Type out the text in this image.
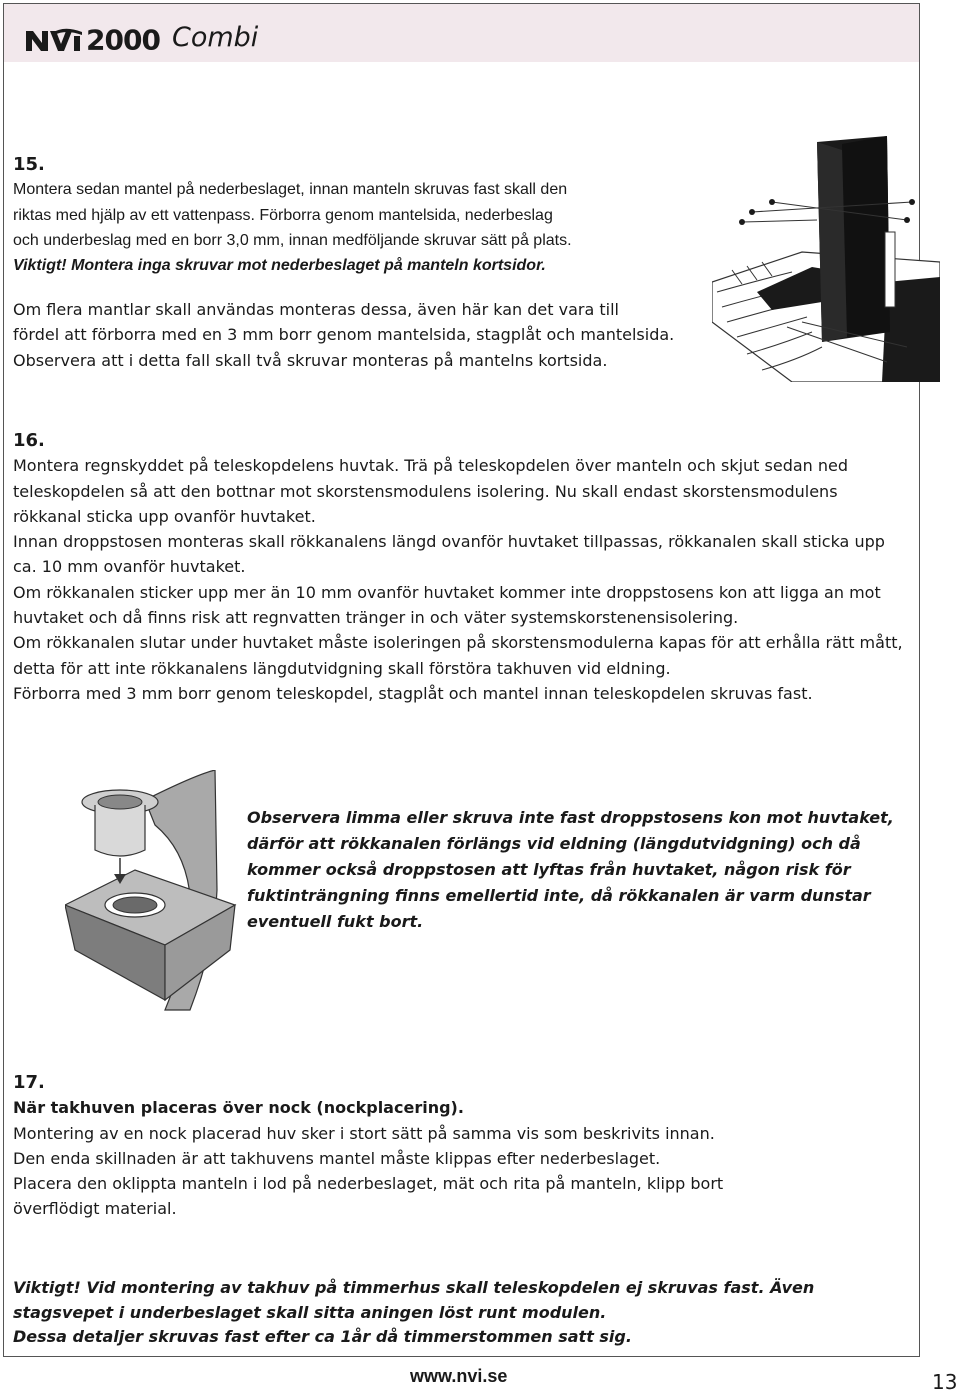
2000 Combi

15.

Montera sedan mantel på nederbeslaget, innan manteln skruvas fast skall den

riktas med hjälp av ett vattenpass. Förborra genom mantelsida, nederbeslag

och underbeslag med en borr 3,0 mm, innan medföljande skruvar sätt på plats.

Viktigt! Montera inga skruvar mot nederbeslaget på manteln kortsidor.

Om flera mantlar skall användas monteras dessa, även här kan det vara till

fördel att förborra med en 3 mm borr genom mantelsida, stagplåt och mantelsida.

Observera att i detta fall skall två skruvar monteras på mantelns kortsida.

16.

Montera regnskyddet på teleskopdelens huvtak. Trä på teleskopdelen över manteln och skjut sedan ned teleskopdelen så att den bottnar mot skorstensmodulens isolering. Nu skall endast skorstensmodulens rökkanal sticka upp ovanför huvtaket.

Innan droppstosen monteras skall rökkanalens längd ovanför huvtaket tillpassas, rökkanalen skall sticka upp ca. 10 mm ovanför huvtaket.

Om rökkanalen sticker upp mer än 10 mm ovanför huvtaket kommer inte droppstosens kon att ligga an mot huvtaket och då finns risk att regnvatten tränger in och väter systemskorstenensisolering.

Om rökkanalen slutar under huvtaket måste isoleringen på skorstensmodulerna kapas för att erhålla rätt mått, detta för att inte rökkanalens längdutvidgning skall förstöra takhuven vid eldning.

Förborra med 3 mm borr genom teleskopdel, stagplåt och mantel innan teleskopdelen skruvas fast.

Observera limma eller skruva inte fast droppstosens kon mot huvtaket, därför att rökkanalen förlängs vid eldning (längdutvidgning) och då kommer också droppstosen att lyftas från huvtaket, någon risk för fuktinträngning finns emellertid inte, då rökkanalen är varm dunstar eventuell fukt bort.

17.

När takhuven placeras över nock (nockplacering).

Montering av en nock placerad huv sker i stort sätt på samma vis som beskrivits innan.

Den enda skillnaden är att takhuvens mantel måste klippas efter nederbeslaget.

Placera den oklippta manteln i lod på nederbeslaget, mät och rita på manteln, klipp bort

överflödigt material.

Viktigt! Vid montering av takhuv på timmerhus skall teleskopdelen ej skruvas fast. Även stagsvepet i underbeslaget skall sitta aningen löst runt modulen.

Dessa detaljer skruvas fast efter ca 1år då timmerstommen satt sig.

www.nvi.se	13
